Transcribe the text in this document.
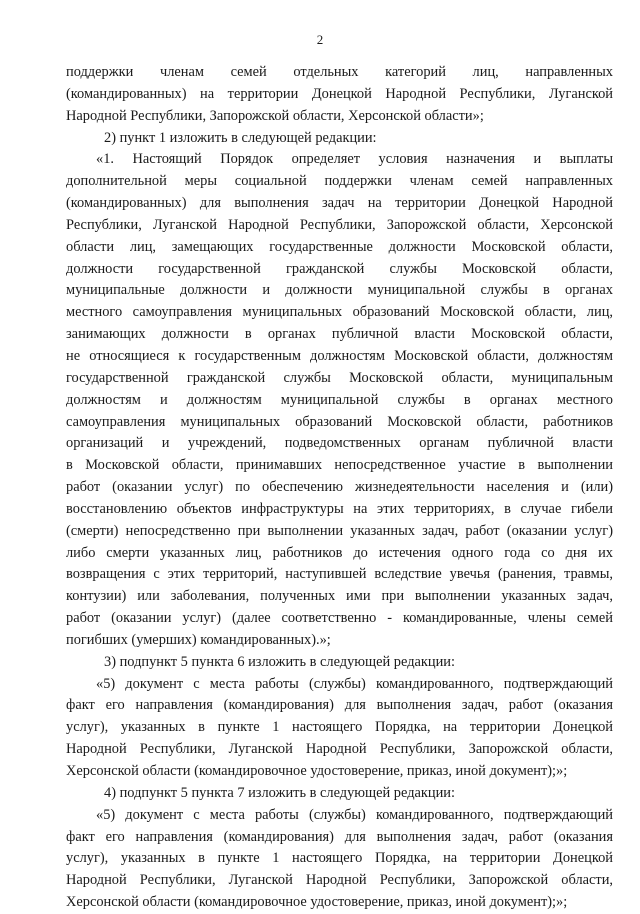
2
поддержки членам семей отдельных категорий лиц, направленных
(командированных) на территории Донецкой Народной Республики, Луганской
Народной Республики, Запорожской области, Херсонской области»;
2) пункт 1 изложить в следующей редакции:
«1. Настоящий Порядок определяет условия назначения и выплаты
дополнительной меры социальной поддержки членам семей направленных
(командированных) для выполнения задач на территории Донецкой Народной
Республики, Луганской Народной Республики, Запорожской области, Херсонской
области лиц, замещающих государственные должности Московской области,
должности государственной гражданской службы Московской области,
муниципальные должности и должности муниципальной службы в органах
местного самоуправления муниципальных образований Московской области, лиц,
занимающих должности в органах публичной власти Московской области,
не относящиеся к государственным должностям Московской области, должностям
государственной гражданской службы Московской области, муниципальным
должностям и должностям муниципальной службы в органах местного
самоуправления муниципальных образований Московской области, работников
организаций и учреждений, подведомственных органам публичной власти
в Московской области, принимавших непосредственное участие в выполнении
работ (оказании услуг) по обеспечению жизнедеятельности населения и (или)
восстановлению объектов инфраструктуры на этих территориях, в случае гибели
(смерти) непосредственно при выполнении указанных задач, работ (оказании услуг)
либо смерти указанных лиц, работников до истечения одного года со дня их
возвращения с этих территорий, наступившей вследствие увечья (ранения, травмы,
контузии) или заболевания, полученных ими при выполнении указанных задач,
работ (оказании услуг) (далее соответственно - командированные, члены семей
погибших (умерших) командированных).»;
3) подпункт 5 пункта 6 изложить в следующей редакции:
«5) документ с места работы (службы) командированного, подтверждающий
факт его направления (командирования) для выполнения задач, работ (оказания
услуг), указанных в пункте 1 настоящего Порядка, на территории Донецкой
Народной Республики, Луганской Народной Республики, Запорожской области,
Херсонской области (командировочное удостоверение, приказ, иной документ);»;
4) подпункт 5 пункта 7 изложить в следующей редакции:
«5) документ с места работы (службы) командированного, подтверждающий
факт его направления (командирования) для выполнения задач, работ (оказания
услуг), указанных в пункте 1 настоящего Порядка, на территории Донецкой
Народной Республики, Луганской Народной Республики, Запорожской области,
Херсонской области (командировочное удостоверение, приказ, иной документ);»;
